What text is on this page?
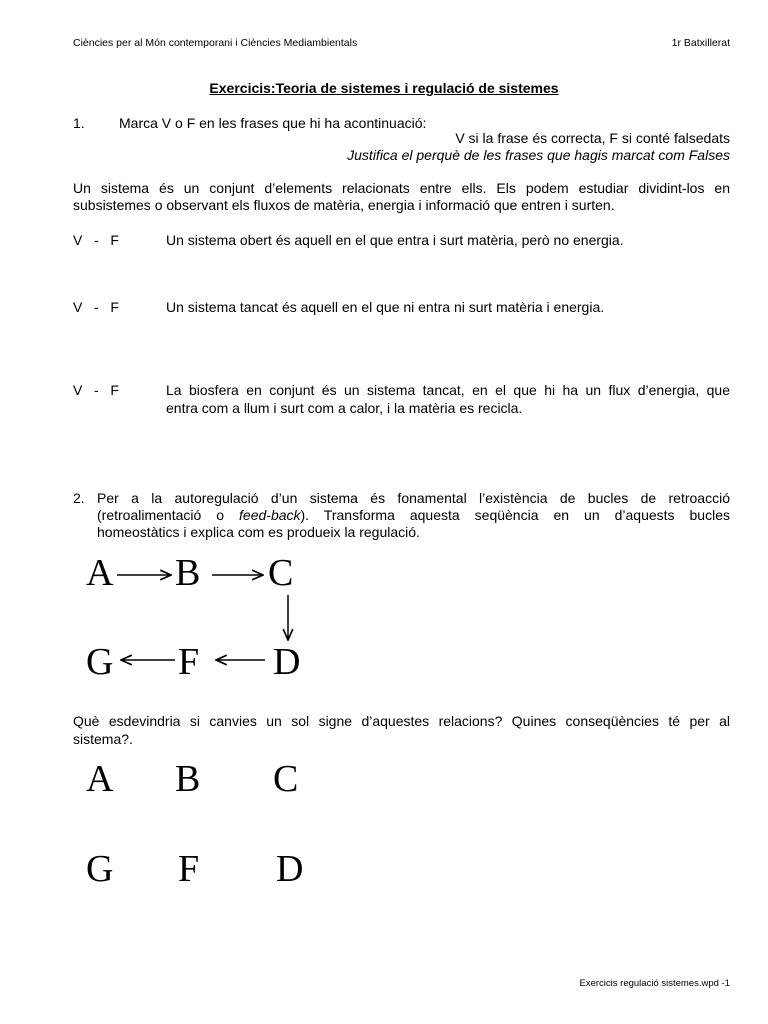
Ciències per al Món contemporani i Ciències Mediambientals	1r Batxillerat
Exercicis:Teoria de sistemes i regulació de sistemes
1. Marca V o F en les frases que hi ha acontinuació:
V si la frase és correcta, F si conté falsedats
Justifica el perquè de les frases que hagis marcat com Falses
Un sistema és un conjunt d’elements relacionats entre ells. Els podem estudiar dividint-los en
subsistemes o observant els fluxos de matèria, energia i informació que entren i surten.
V   -   F	Un sistema obert és aquell en el que entra i surt matèria, però no energia.
V   -   F	Un sistema tancat és aquell en el que ni entra ni surt matèria i energia.
V   -   F	La biosfera en conjunt és un sistema tancat, en el que hi ha un flux d’energia, que
entra com a llum i surt com a calor, i la matèria es recicla.
2. Per a la autoregulació d’un sistema és fonamental l’existència de bucles de retroacció
(retroalimentació o feed-back). Transforma aquesta seqüència en un d’aquests bucles
homeostàtics i explica com es produeix la regulació.
A B C
G F D
Què esdevindria si canvies un sol signe d’aquestes relacions? Quines conseqüències té per al
sistema?.
A B C
G F D
Exercicis regulació sistemes.wpd -1
